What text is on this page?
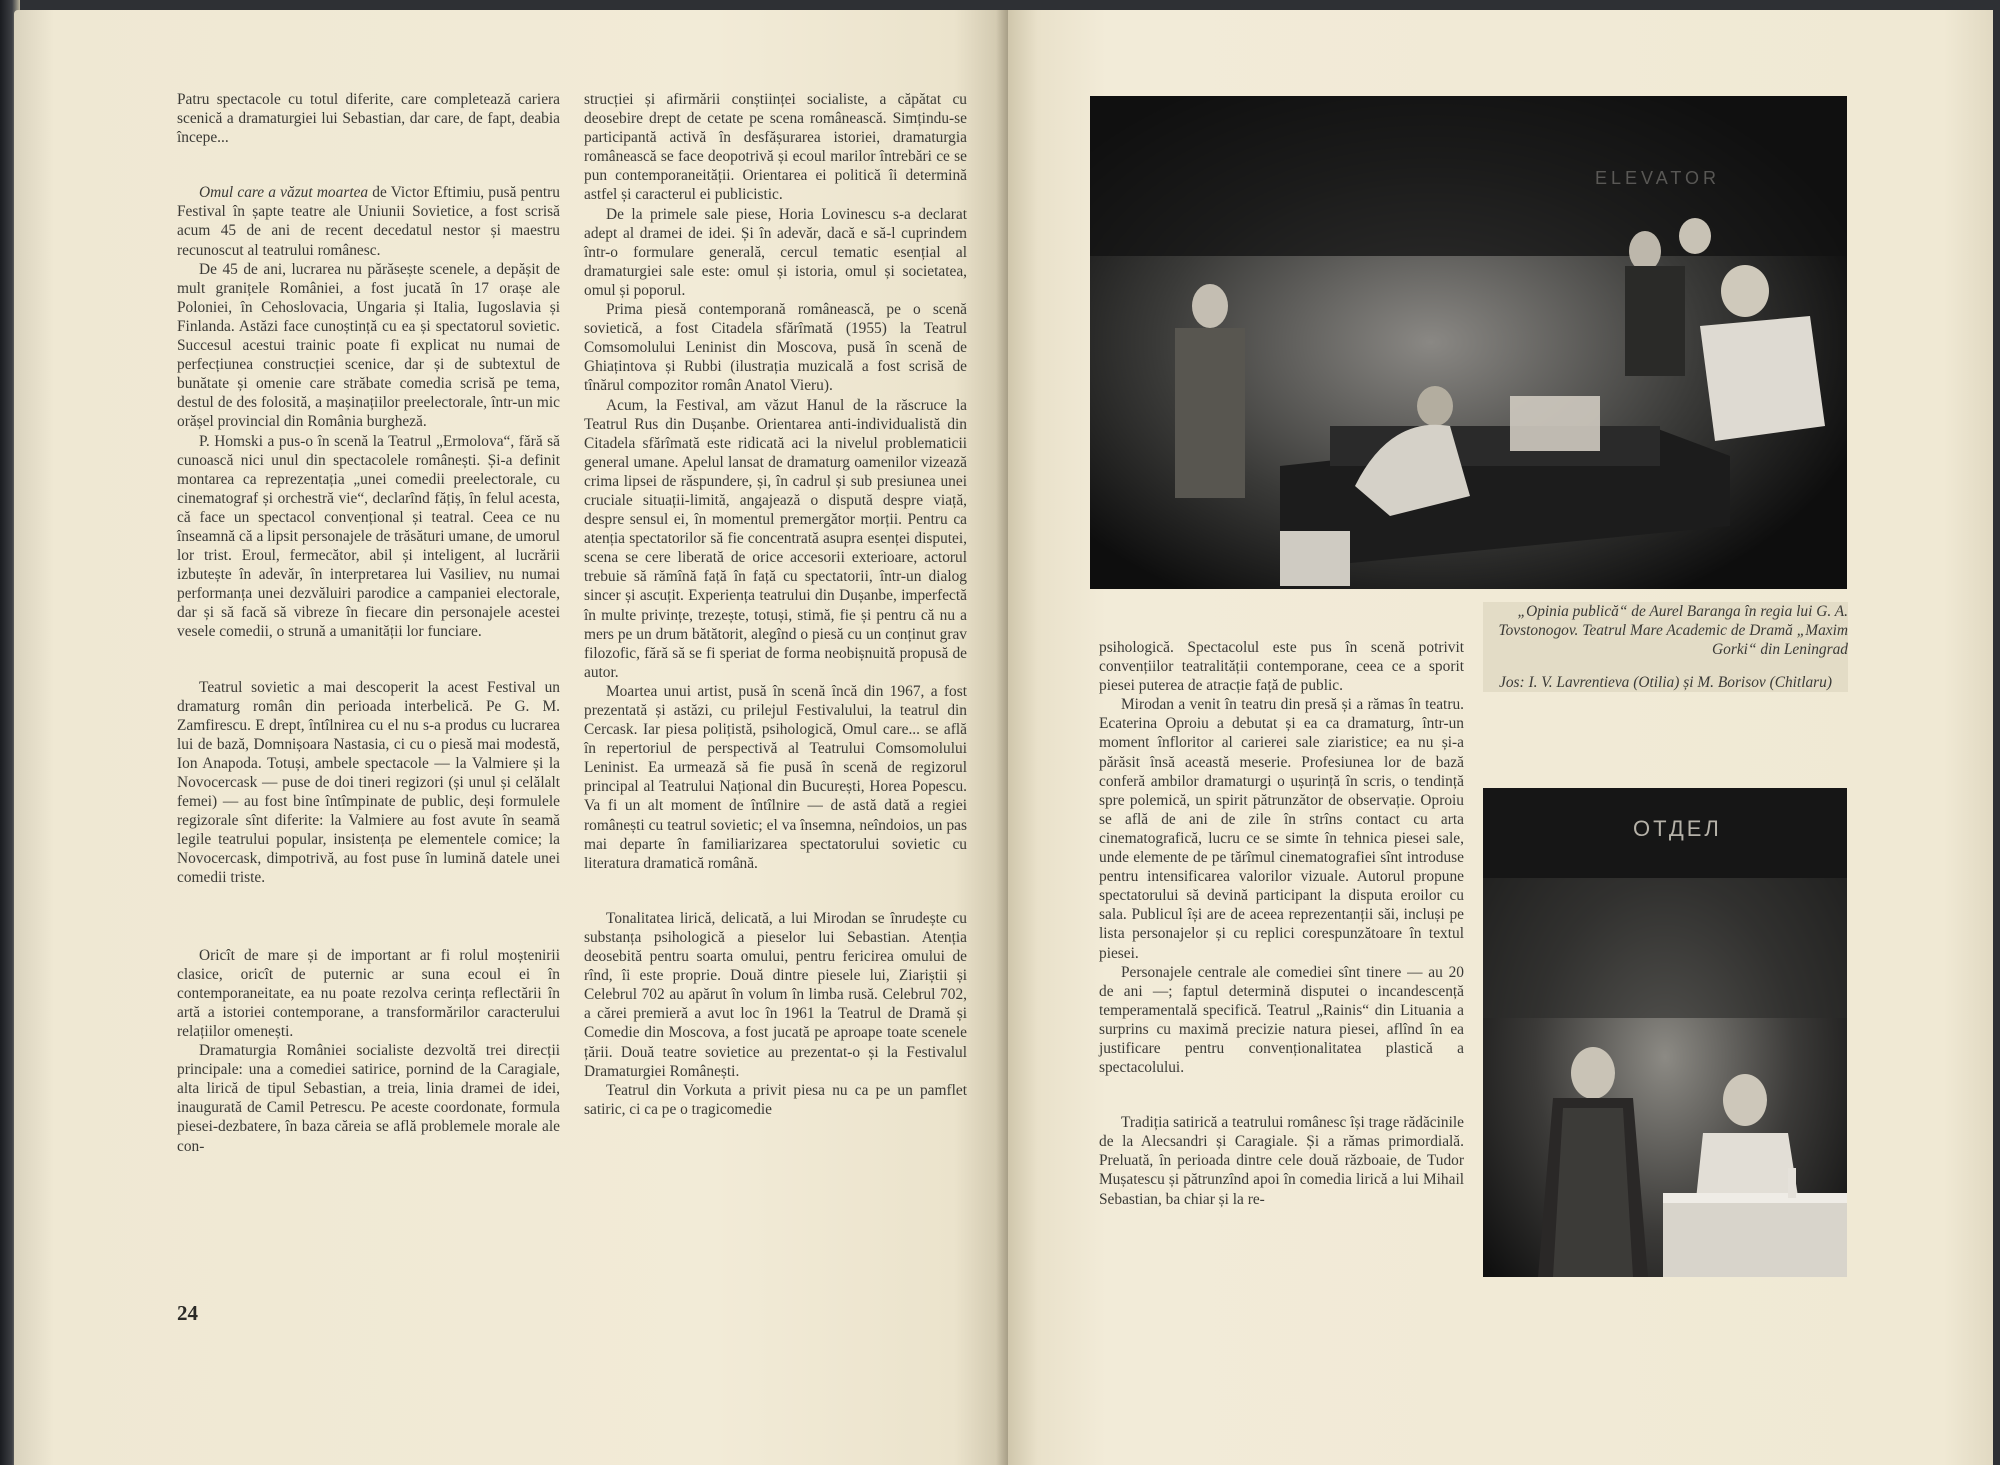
Patru spectacole cu totul diferite, care completează cariera scenică a dramaturgiei lui Sebastian, dar care, de fapt, deabia începe...

Omul care a văzut moartea de Victor Eftimiu, pusă pentru Festival în șapte teatre ale Uniunii Sovietice, a fost scrisă acum 45 de ani de recent decedatul nestor și maestru recunoscut al teatrului românesc.

De 45 de ani, lucrarea nu părăsește scenele, a depășit de mult granițele României, a fost jucată în 17 orașe ale Poloniei, în Cehoslovacia, Ungaria și Italia, Iugoslavia și Finlanda. Astăzi face cunoștință cu ea și spectatorul sovietic. Succesul acestui trainic poate fi explicat nu numai de perfecțiunea construcției scenice, dar și de subtextul de bunătate și omenie care străbate comedia scrisă pe tema, destul de des folosită, a mașinațiilor preelectorale, într-un mic orășel provincial din România burgheză.

P. Homski a pus-o în scenă la Teatrul „Ermolova“, fără să cunoască nici unul din spectacolele românești. Și-a definit montarea ca reprezentația „unei comedii preelectorale, cu cinematograf și orchestră vie“, declarînd fățiș, în felul acesta, că face un spectacol convențional și teatral. Ceea ce nu înseamnă că a lipsit personajele de trăsături umane, de umorul lor trist. Eroul, fermecător, abil și inteligent, al lucrării izbutește în adevăr, în interpretarea lui Vasiliev, nu numai performanța unei dezvăluiri parodice a campaniei electorale, dar și să facă să vibreze în fiecare din personajele acestei vesele comedii, o strună a umanității lor funciare.

Teatrul sovietic a mai descoperit la acest Festival un dramaturg român din perioada interbelică. Pe G. M. Zamfirescu. E drept, întîlnirea cu el nu s-a produs cu lucrarea lui de bază, Domnișoara Nastasia, ci cu o piesă mai modestă, Ion Anapoda. Totuși, ambele spectacole — la Valmiere și la Novocercask — puse de doi tineri regizori (și unul și celălalt femei) — au fost bine întîmpinate de public, deși formulele regizorale sînt diferite: la Valmiere au fost avute în seamă legile teatrului popular, insistența pe elementele comice; la Novocercask, dimpotrivă, au fost puse în lumină datele unei comedii triste.

Oricît de mare și de important ar fi rolul moștenirii clasice, oricît de puternic ar suna ecoul ei în contemporaneitate, ea nu poate rezolva cerința reflectării în artă a istoriei contemporane, a transformărilor caracterului relațiilor omenești.

Dramaturgia României socialiste dezvoltă trei direcții principale: una a comediei satirice, pornind de la Caragiale, alta lirică de tipul Sebastian, a treia, linia dramei de idei, inaugurată de Camil Petrescu. Pe aceste coordonate, formula piesei-dezbatere, în baza căreia se află problemele morale ale con-

strucției și afirmării conștiinței socialiste, a căpătat cu deosebire drept de cetate pe scena românească. Simțindu-se participantă activă în desfășurarea istoriei, dramaturgia românească se face deopotrivă și ecoul marilor întrebări ce se pun contemporaneității. Orientarea ei politică îi determină astfel și caracterul ei publicistic.

De la primele sale piese, Horia Lovinescu s-a declarat adept al dramei de idei. Și în adevăr, dacă e să-l cuprindem într-o formulare generală, cercul tematic esențial al dramaturgiei sale este: omul și istoria, omul și societatea, omul și poporul.

Prima piesă contemporană românească, pe o scenă sovietică, a fost Citadela sfărîmată (1955) la Teatrul Comsomolului Leninist din Moscova, pusă în scenă de Ghiațintova și Rubbi (ilustrația muzicală a fost scrisă de tînărul compozitor român Anatol Vieru).

Acum, la Festival, am văzut Hanul de la răscruce la Teatrul Rus din Dușanbe. Orientarea anti-individualistă din Citadela sfărîmată este ridicată aci la nivelul problematicii general umane. Apelul lansat de dramaturg oamenilor vizează crima lipsei de răspundere, și, în cadrul și sub presiunea unei cruciale situații-limită, angajează o dispută despre viață, despre sensul ei, în momentul premergător morții. Pentru ca atenția spectatorilor să fie concentrată asupra esenței disputei, scena se cere liberată de orice accesorii exterioare, actorul trebuie să rămînă față în față cu spectatorii, într-un dialog sincer și ascuțit. Experiența teatrului din Dușanbe, imperfectă în multe privințe, trezește, totuși, stimă, fie și pentru că nu a mers pe un drum bătătorit, alegînd o piesă cu un conținut grav filozofic, fără să se fi speriat de forma neobișnuită propusă de autor.

Moartea unui artist, pusă în scenă încă din 1967, a fost prezentată și astăzi, cu prilejul Festivalului, la teatrul din Cercask. Iar piesa polițistă, psihologică, Omul care... se află în repertoriul de perspectivă al Teatrului Comsomolului Leninist. Ea urmează să fie pusă în scenă de regizorul principal al Teatrului Național din București, Horea Popescu. Va fi un alt moment de întîlnire — de astă dată a regiei românești cu teatrul sovietic; el va însemna, neîndoios, un pas mai departe în familiarizarea spectatorului sovietic cu literatura dramatică română.

Tonalitatea lirică, delicată, a lui Mirodan se înrudește cu substanța psihologică a pieselor lui Sebastian. Atenția deosebită pentru soarta omului, pentru fericirea omului de rînd, îi este proprie. Două dintre piesele lui, Ziariștii și Celebrul 702 au apărut în volum în limba rusă. Celebrul 702, a cărei premieră a avut loc în 1961 la Teatrul de Dramă și Comedie din Moscova, a fost jucată pe aproape toate scenele țării. Două teatre sovietice au prezentat-o și la Festivalul Dramaturgiei Românești.

Teatrul din Vorkuta a privit piesa nu ca pe un pamflet satiric, ci ca pe o tragicomedie

24
ELEVATOR
„Opinia publică“ de Aurel Baranga în regia lui G. A. Tovstonogov. Teatrul Mare Academic de Dramă „Maxim Gorki“ din Leningrad
Jos: I. V. Lavrentieva (Otilia) și M. Borisov (Chitlaru)

psihologică. Spectacolul este pus în scenă potrivit convențiilor teatralității contemporane, ceea ce a sporit piesei puterea de atracție față de public.

Mirodan a venit în teatru din presă și a rămas în teatru. Ecaterina Oproiu a debutat și ea ca dramaturg, într-un moment înfloritor al carierei sale ziaristice; ea nu și-a părăsit însă această meserie. Profesiunea lor de bază conferă ambilor dramaturgi o ușurință în scris, o tendință spre polemică, un spirit pătrunzător de observație. Oproiu se află de ani de zile în strîns contact cu arta cinematografică, lucru ce se simte în tehnica piesei sale, unde elemente de pe tărîmul cinematografiei sînt introduse pentru intensificarea valorilor vizuale. Autorul propune spectatorului să devină participant la disputa eroilor cu sala. Publicul își are de aceea reprezentanții săi, incluși pe lista personajelor și cu replici corespunzătoare în textul piesei.

Personajele centrale ale comediei sînt tinere — au 20 de ani —; faptul determină disputei o incandescență temperamentală specifică. Teatrul „Rainis“ din Lituania a surprins cu maximă precizie natura piesei, aflînd în ea justificare pentru convenționalitatea plastică a spectacolului.

Tradiția satirică a teatrului românesc își trage rădăcinile de la Alecsandri și Caragiale. Și a rămas primordială. Preluată, în perioada dintre cele două războaie, de Tudor Mușatescu și pătrunzînd apoi în comedia lirică a lui Mihail Sebastian, ba chiar și la re-

ОТДЕЛ
